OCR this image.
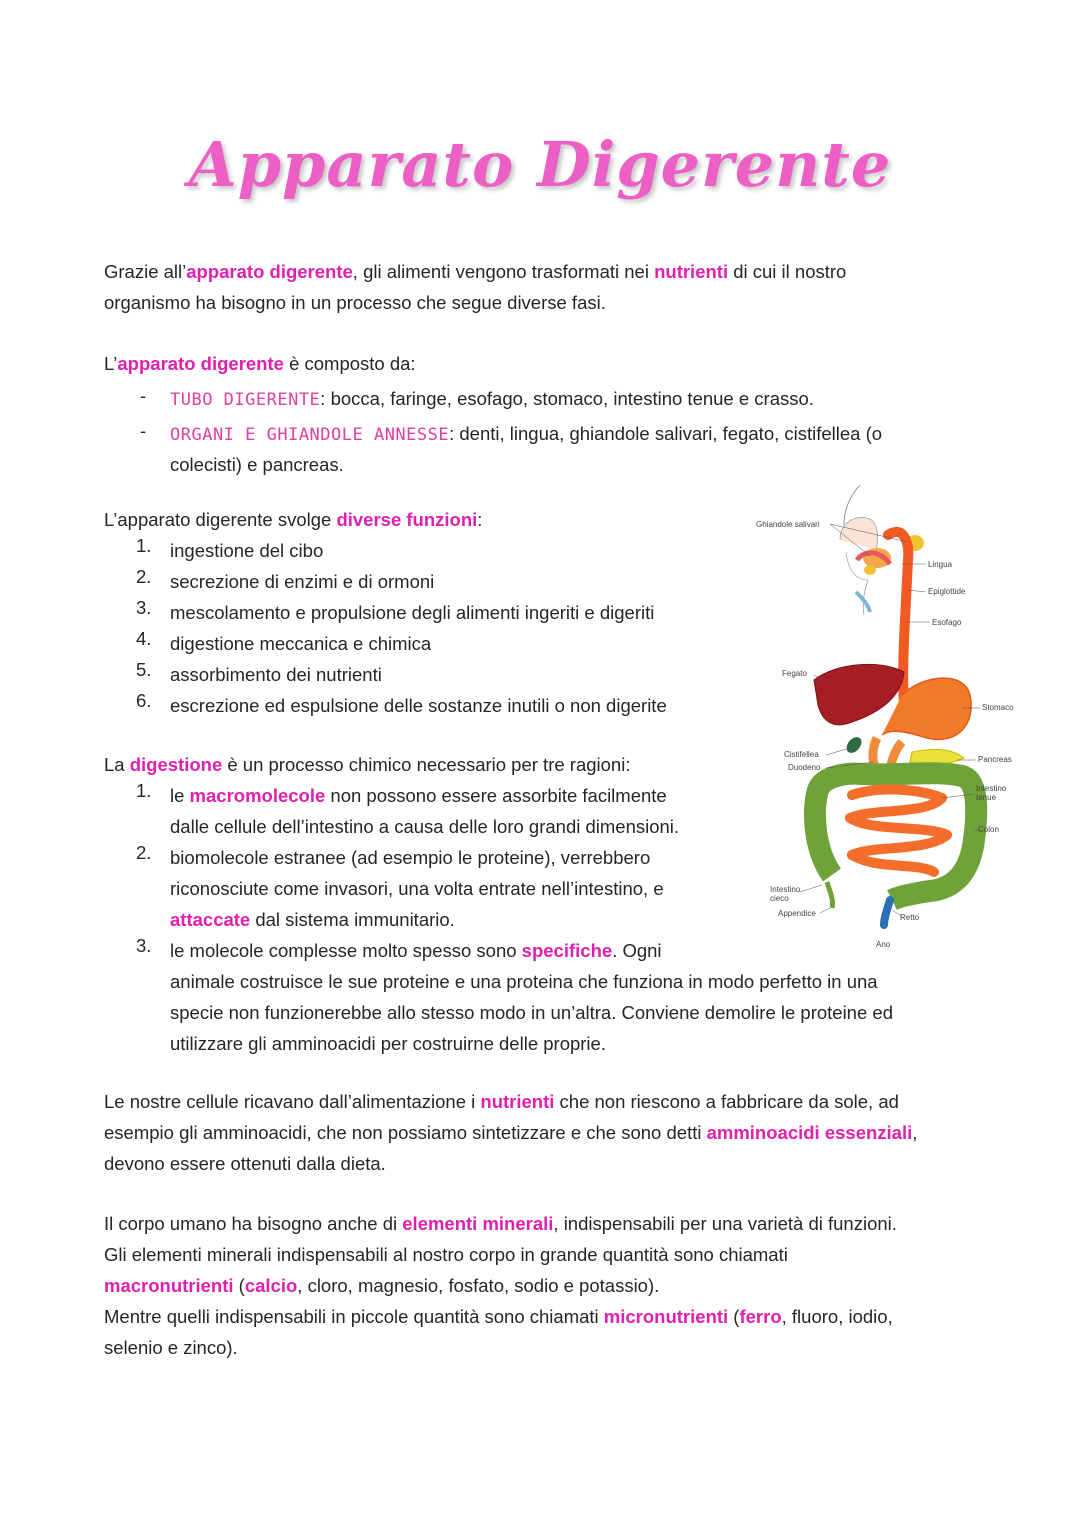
Apparato Digerente
Grazie all’apparato digerente, gli alimenti vengono trasformati nei nutrienti di cui il nostro
organismo ha bisogno in un processo che segue diverse fasi.
L’apparato digerente è composto da:
- TUBO DIGERENTE: bocca, faringe, esofago, stomaco, intestino tenue e crasso.
- ORGANI E GHIANDOLE ANNESSE: denti, lingua, ghiandole salivari, fegato, cistifellea (o
colecisti) e pancreas.
L’apparato digerente svolge diverse funzioni:
1.	ingestione del cibo
2.	secrezione di enzimi e di ormoni
3.	mescolamento e propulsione degli alimenti ingeriti e digeriti
4.	digestione meccanica e chimica
5.	assorbimento dei nutrienti
6.	escrezione ed espulsione delle sostanze inutili o non digerite
La digestione è un processo chimico necessario per tre ragioni:
1.	le macromolecole non possono essere assorbite facilmente
dalle cellule dell’intestino a causa delle loro grandi dimensioni.
2.	biomolecole estranee (ad esempio le proteine), verrebbero
riconosciute come invasori, una volta entrate nell’intestino, e
attaccate dal sistema immunitario.
3.	le molecole complesse molto spesso sono specifiche. Ogni
animale costruisce le sue proteine e una proteina che funziona in modo perfetto in una
specie non funzionerebbe allo stesso modo in un’altra. Conviene demolire le proteine ed
utilizzare gli amminoacidi per costruirne delle proprie.
Le nostre cellule ricavano dall’alimentazione i nutrienti che non riescono a fabbricare da sole, ad
esempio gli amminoacidi, che non possiamo sintetizzare e che sono detti amminoacidi essenziali,
devono essere ottenuti dalla dieta.
Il corpo umano ha bisogno anche di elementi minerali, indispensabili per una varietà di funzioni.
Gli elementi minerali indispensabili al nostro corpo in grande quantità sono chiamati
macronutrienti (calcio, cloro, magnesio, fosfato, sodio e potassio).
Mentre quelli indispensabili in piccole quantità sono chiamati micronutrienti (ferro, fluoro, iodio,
selenio e zinco).
Ghiandole salivari
Lingua
Epiglottide
Esofago
Fegato
Stomaco
Cistifellea
Duodeno
Pancreas
Intestino
tenue
Colon
Intestino
cieco
Appendice	Retto
Ano
